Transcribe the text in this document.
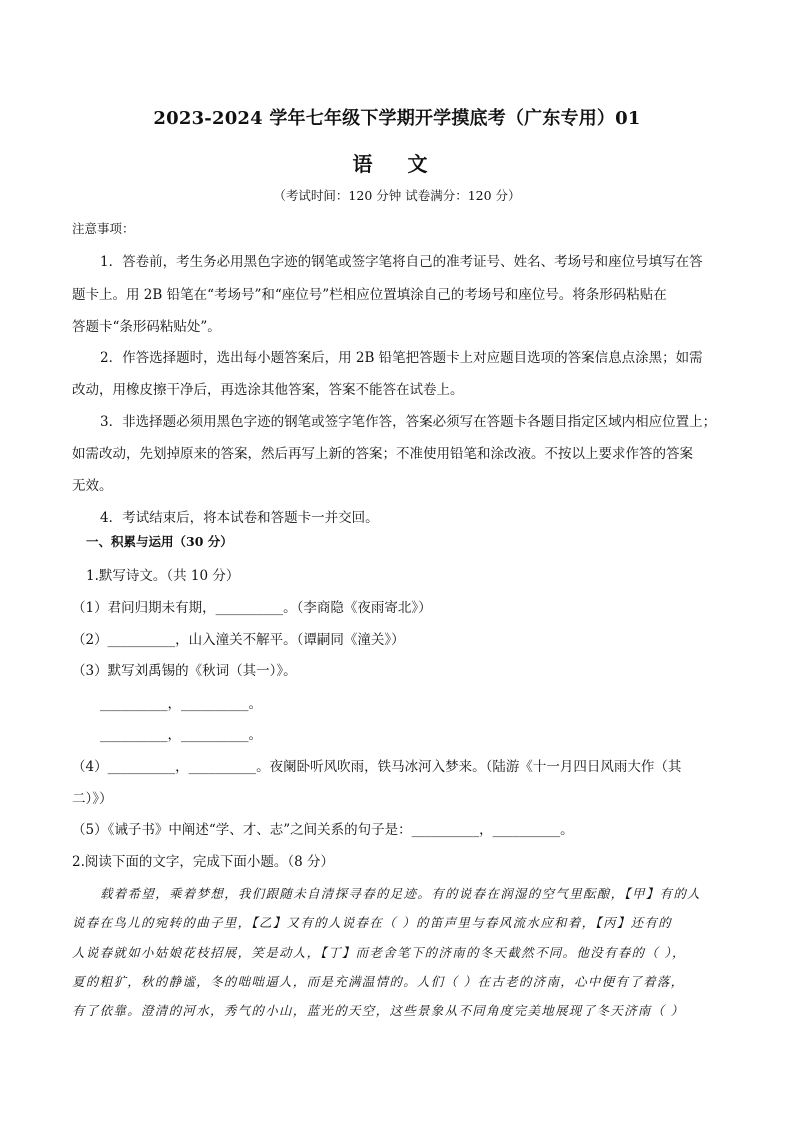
2023-2024 学年七年级下学期开学摸底考（广东专用）01
语 文
（考试时间：120 分钟 试卷满分：120 分）
注意事项：
1．答卷前，考生务必用黑色字迹的钢笔或签字笔将自己的准考证号、姓名、考场号和座位号填写在答
题卡上。用 2B 铅笔在“考场号”和“座位号”栏相应位置填涂自己的考场号和座位号。将条形码粘贴在
答题卡“条形码粘贴处”。
2．作答选择题时，选出每小题答案后，用 2B 铅笔把答题卡上对应题目选项的答案信息点涂黑；如需
改动，用橡皮擦干净后，再选涂其他答案，答案不能答在试卷上。
3．非选择题必须用黑色字迹的钢笔或签字笔作答，答案必须写在答题卡各题目指定区域内相应位置上；
如需改动，先划掉原来的答案，然后再写上新的答案；不准使用铅笔和涂改液。不按以上要求作答的答案
无效。
4．考试结束后，将本试卷和答题卡一并交回。
一、积累与运用（30 分）
1.默写诗文。（共 10 分）
（1）君问归期未有期，__________。（李商隐《夜雨寄北》）
（2）__________，山入潼关不解平。（谭嗣同《潼关》）
（3）默写刘禹锡的《秋词（其一）》。
__________，__________。
__________，__________。
（4）__________，__________。夜阑卧听风吹雨，铁马冰河入梦来。（陆游《十一月四日风雨大作（其
二）》）
（5）《诫子书》中阐述“学、才、志”之间关系的句子是：__________，__________。
2.阅读下面的文字，完成下面小题。（8 分）
载着希望，乘着梦想，我们跟随未自清探寻春的足迹。有的说春在润湿的空气里酝酿，【甲】有的人
说春在鸟儿的宛转的曲子里，【乙】又有的人说春在（ ）的笛声里与春风流水应和着，【丙】还有的
人说春就如小姑娘花枝招展，笑是动人，【丁】而老舍笔下的济南的冬天截然不同。他没有春的（ ），
夏的粗犷，秋的静谧，冬的咄咄逼人，而是充满温情的。人们（ ）在古老的济南，心中便有了着落，
有了依靠。澄清的河水，秀气的小山，蓝光的天空，这些景象从不同角度完美地展现了冬天济南（ ）
